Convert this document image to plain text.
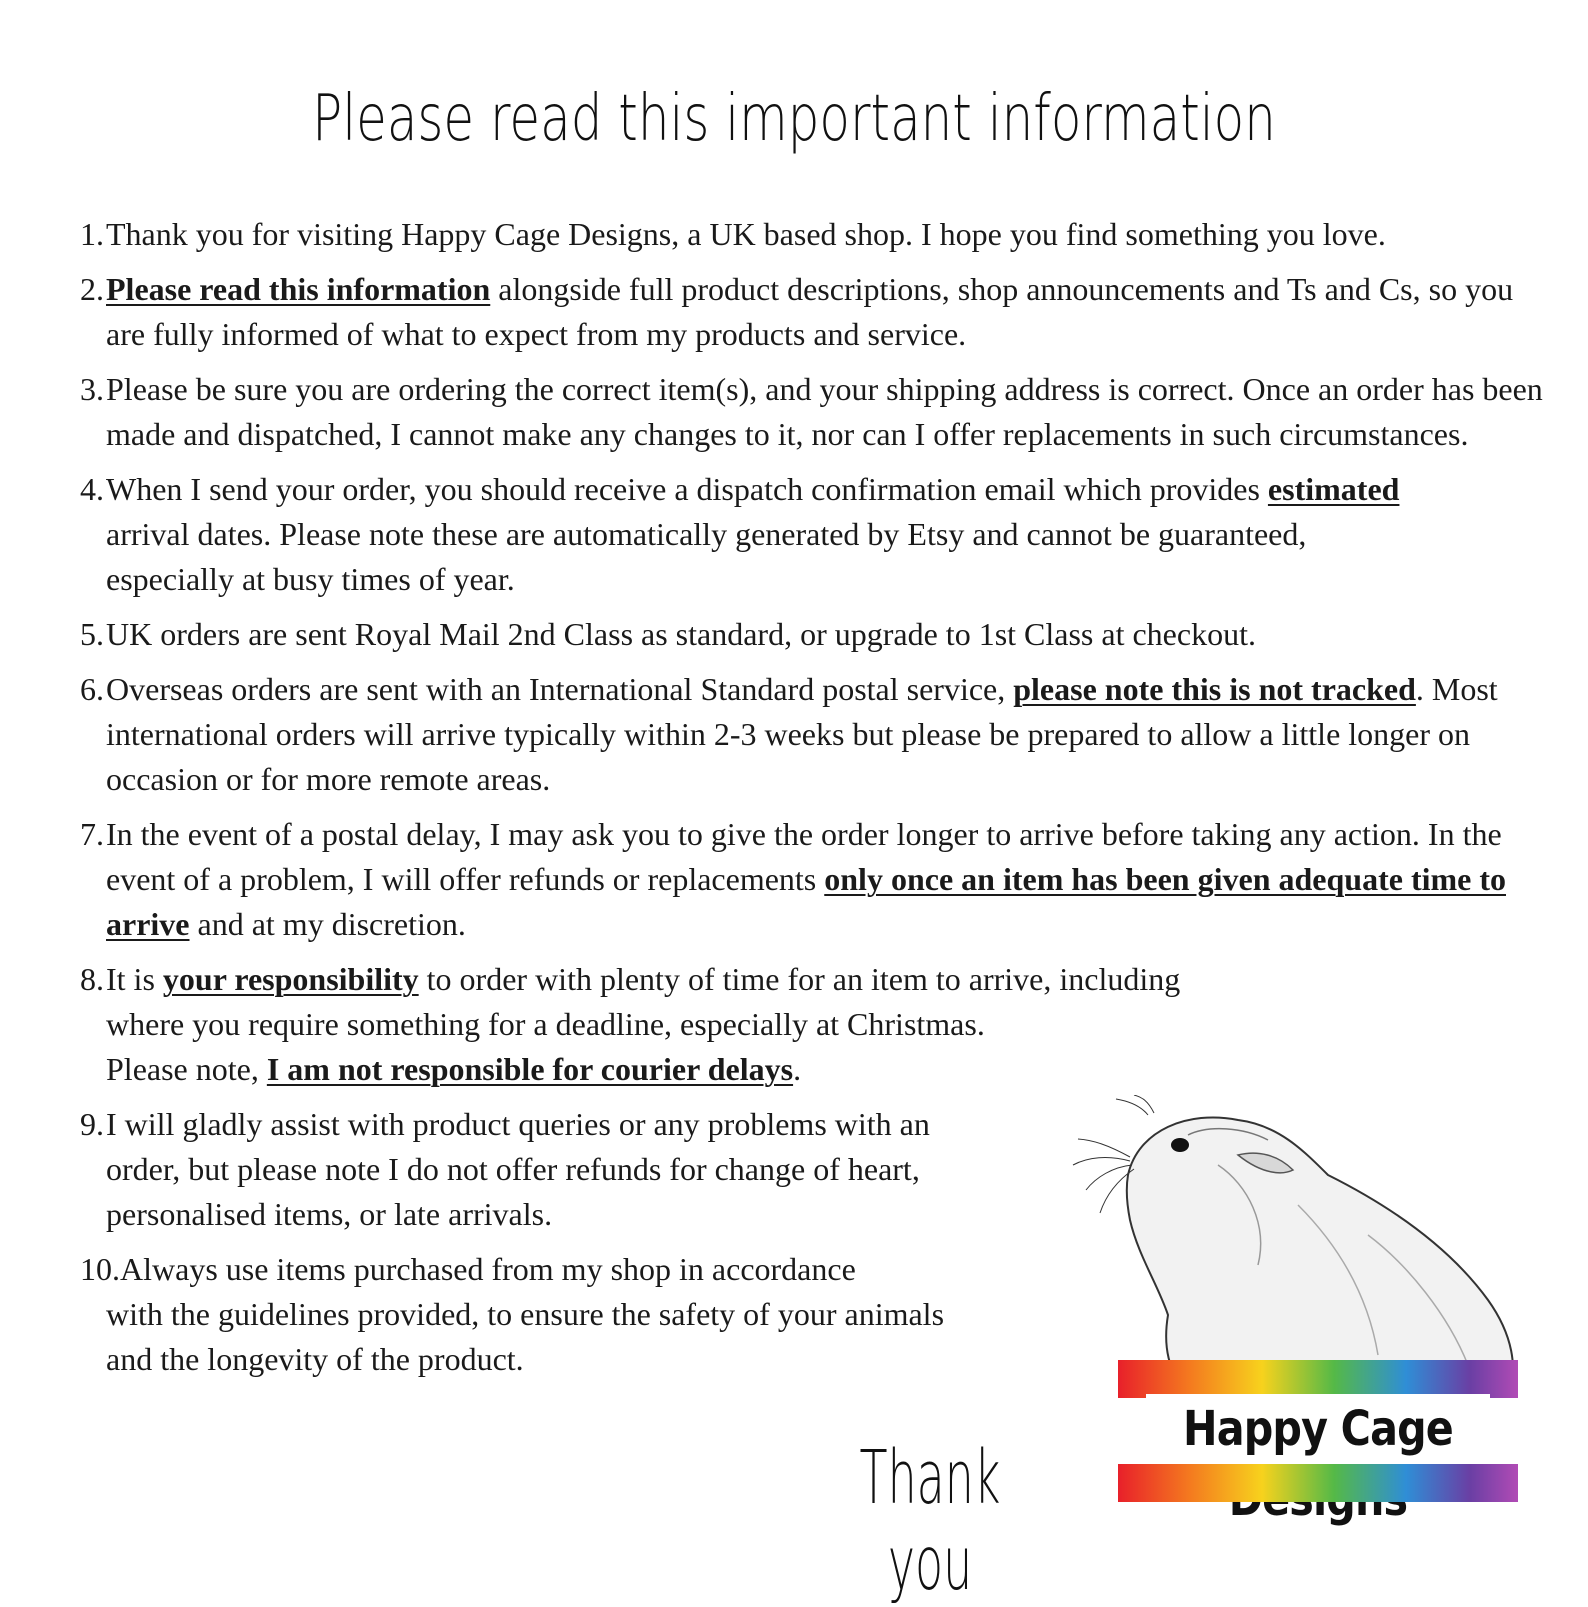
Please read this important information
1. Thank you for visiting Happy Cage Designs, a UK based shop. I hope you find something you love.
2. Please read this information alongside full product descriptions, shop announcements and Ts and Cs, so you are fully informed of what to expect from my products and service.
3. Please be sure you are ordering the correct item(s), and your shipping address is correct. Once an order has been made and dispatched, I cannot make any changes to it, nor can I offer replacements in such circumstances.
4. When I send your order, you should receive a dispatch confirmation email which provides estimated arrival dates. Please note these are automatically generated by Etsy and cannot be guaranteed, especially at busy times of year.
5. UK orders are sent Royal Mail 2nd Class as standard, or upgrade to 1st Class at checkout.
6. Overseas orders are sent with an International Standard postal service, please note this is not tracked. Most international orders will arrive typically within 2-3 weeks but please be prepared to allow a little longer on occasion or for more remote areas.
7. In the event of a postal delay, I may ask you to give the order longer to arrive before taking any action. In the event of a problem, I will offer refunds or replacements only once an item has been given adequate time to arrive and at my discretion.
8. It is your responsibility to order with plenty of time for an item to arrive, including
where you require something for a deadline, especially at Christmas.
Please note, I am not responsible for courier delays.
9. I will gladly assist with product queries or any problems with an
order, but please note I do not offer refunds for change of heart,
personalised items, or late arrivals.
10.Always use items purchased from my shop in accordance
with the guidelines provided, to ensure the safety of your animals
and the longevity of the product.
Thank you
Happy Cage
